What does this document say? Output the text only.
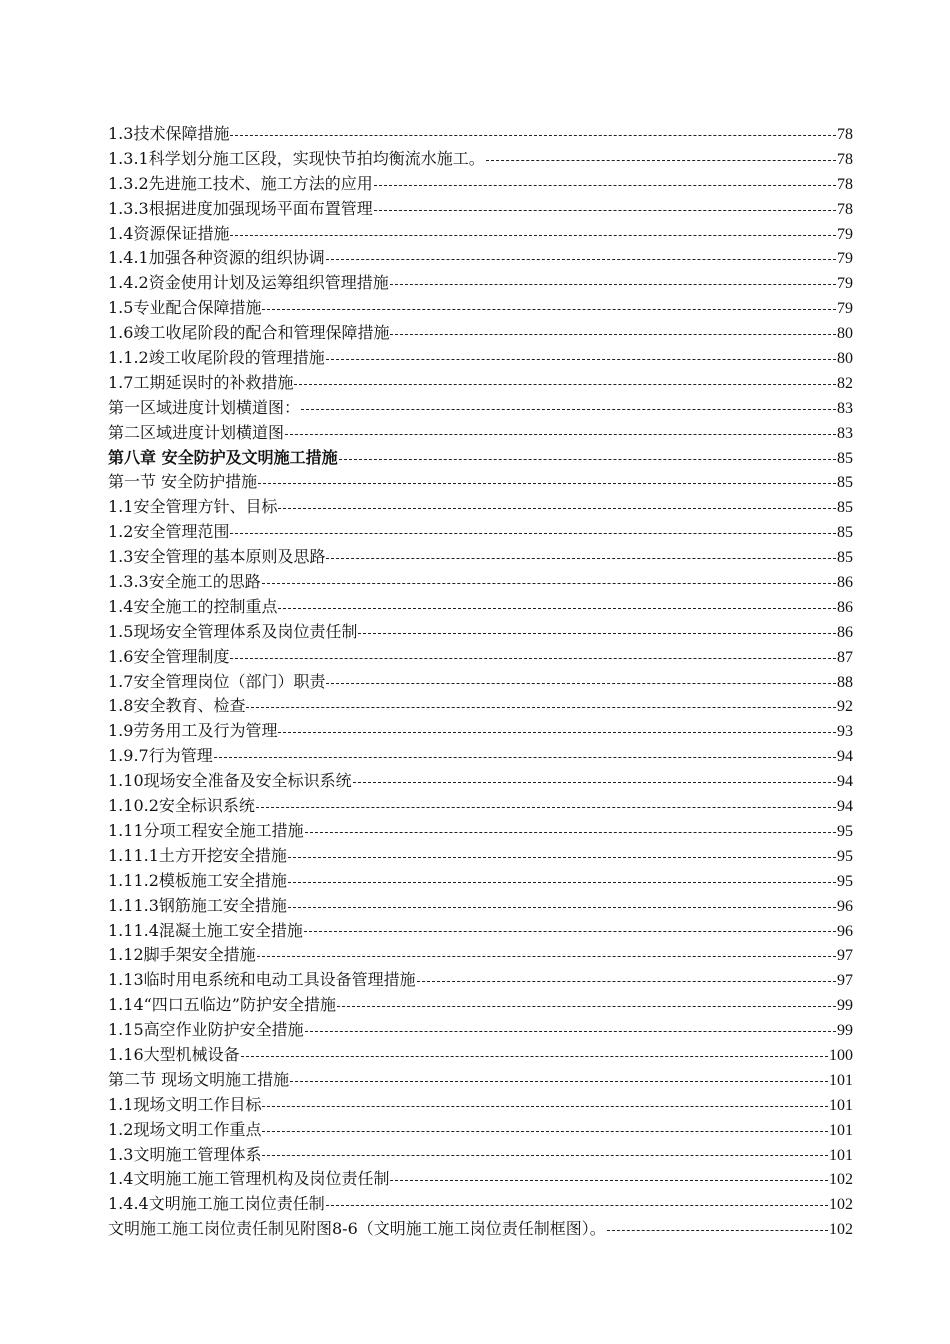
1.3技术保障措施	78
1.3.1科学划分施工区段，实现快节拍均衡流水施工。	78
1.3.2先进施工技术、施工方法的应用	78
1.3.3根据进度加强现场平面布置管理	78
1.4资源保证措施	79
1.4.1加强各种资源的组织协调	79
1.4.2资金使用计划及运筹组织管理措施	79
1.5专业配合保障措施	79
1.6竣工收尾阶段的配合和管理保障措施	80
1.1.2竣工收尾阶段的管理措施	80
1.7工期延误时的补救措施	82
第一区域进度计划横道图：	83
第二区域进度计划横道图	83
第八章 安全防护及文明施工措施	85
第一节 安全防护措施	85
1.1安全管理方针、目标	85
1.2安全管理范围	85
1.3安全管理的基本原则及思路	85
1.3.3安全施工的思路	86
1.4安全施工的控制重点	86
1.5现场安全管理体系及岗位责任制	86
1.6安全管理制度	87
1.7安全管理岗位（部门）职责	88
1.8安全教育、检查	92
1.9劳务用工及行为管理	93
1.9.7行为管理	94
1.10现场安全准备及安全标识系统	94
1.10.2安全标识系统	94
1.11分项工程安全施工措施	95
1.11.1土方开挖安全措施	95
1.11.2模板施工安全措施	95
1.11.3钢筋施工安全措施	96
1.11.4混凝土施工安全措施	96
1.12脚手架安全措施	97
1.13临时用电系统和电动工具设备管理措施	97
1.14“四口五临边”防护安全措施	99
1.15高空作业防护安全措施	99
1.16大型机械设备	100
第二节 现场文明施工措施	101
1.1现场文明工作目标	101
1.2现场文明工作重点	101
1.3文明施工管理体系	101
1.4文明施工施工管理机构及岗位责任制	102
1.4.4文明施工施工岗位责任制	102
文明施工施工岗位责任制见附图8-6（文明施工施工岗位责任制框图）。	102
